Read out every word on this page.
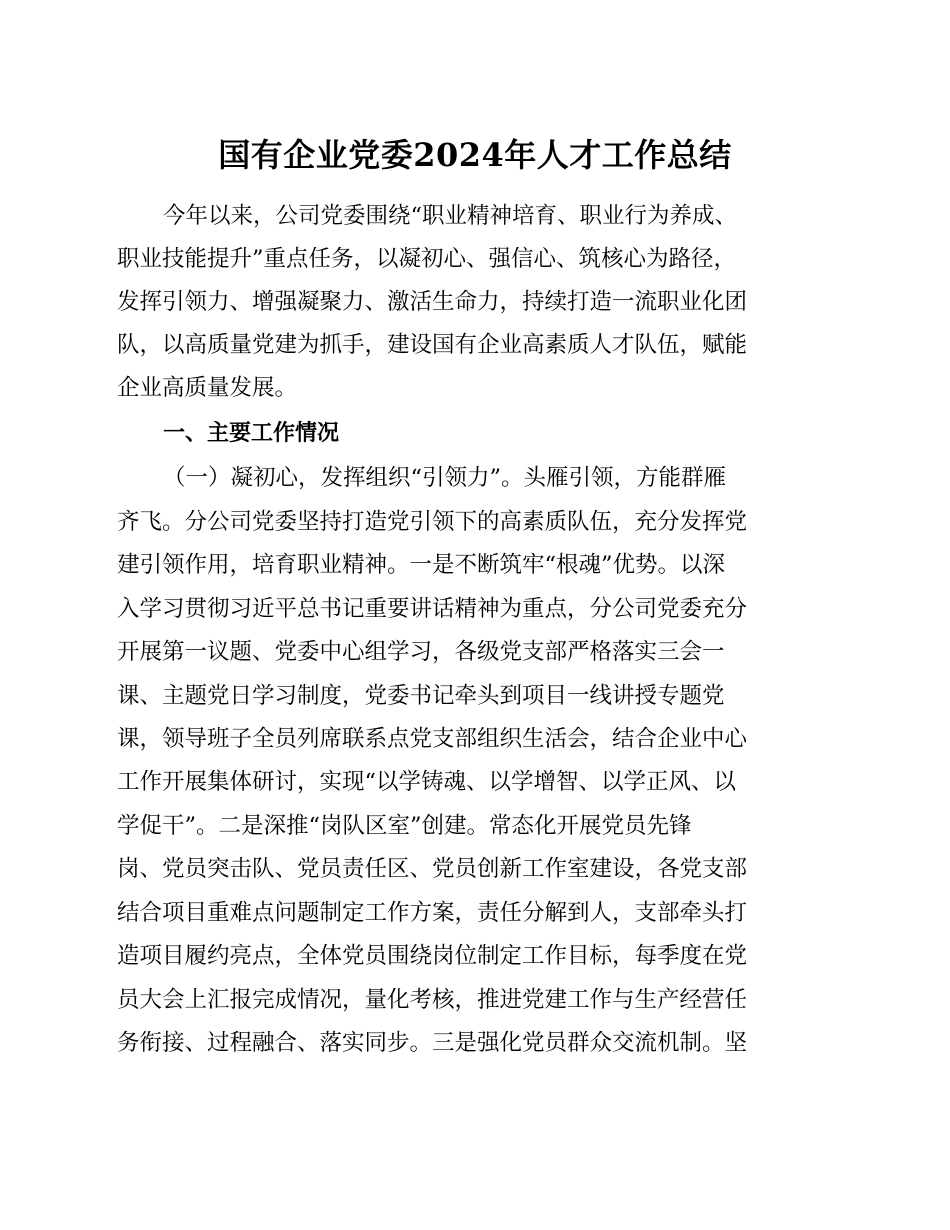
国有企业党委2024年人才工作总结
今年以来，公司党委围绕“职业精神培育、职业行为养成、
职业技能提升”重点任务，以凝初心、强信心、筑核心为路径，
发挥引领力、增强凝聚力、激活生命力，持续打造一流职业化团
队，以高质量党建为抓手，建设国有企业高素质人才队伍，赋能
企业高质量发展。
一、主要工作情况
（一）凝初心，发挥组织“引领力”。头雁引领，方能群雁
齐飞。分公司党委坚持打造党引领下的高素质队伍，充分发挥党
建引领作用，培育职业精神。一是不断筑牢“根魂”优势。以深
入学习贯彻习近平总书记重要讲话精神为重点，分公司党委充分
开展第一议题、党委中心组学习，各级党支部严格落实三会一
课、主题党日学习制度，党委书记牵头到项目一线讲授专题党
课，领导班子全员列席联系点党支部组织生活会，结合企业中心
工作开展集体研讨，实现“以学铸魂、以学增智、以学正风、以
学促干”。二是深推“岗队区室”创建。常态化开展党员先锋
岗、党员突击队、党员责任区、党员创新工作室建设，各党支部
结合项目重难点问题制定工作方案，责任分解到人，支部牵头打
造项目履约亮点，全体党员围绕岗位制定工作目标，每季度在党
员大会上汇报完成情况，量化考核，推进党建工作与生产经营任
务衔接、过程融合、落实同步。三是强化党员群众交流机制。坚
